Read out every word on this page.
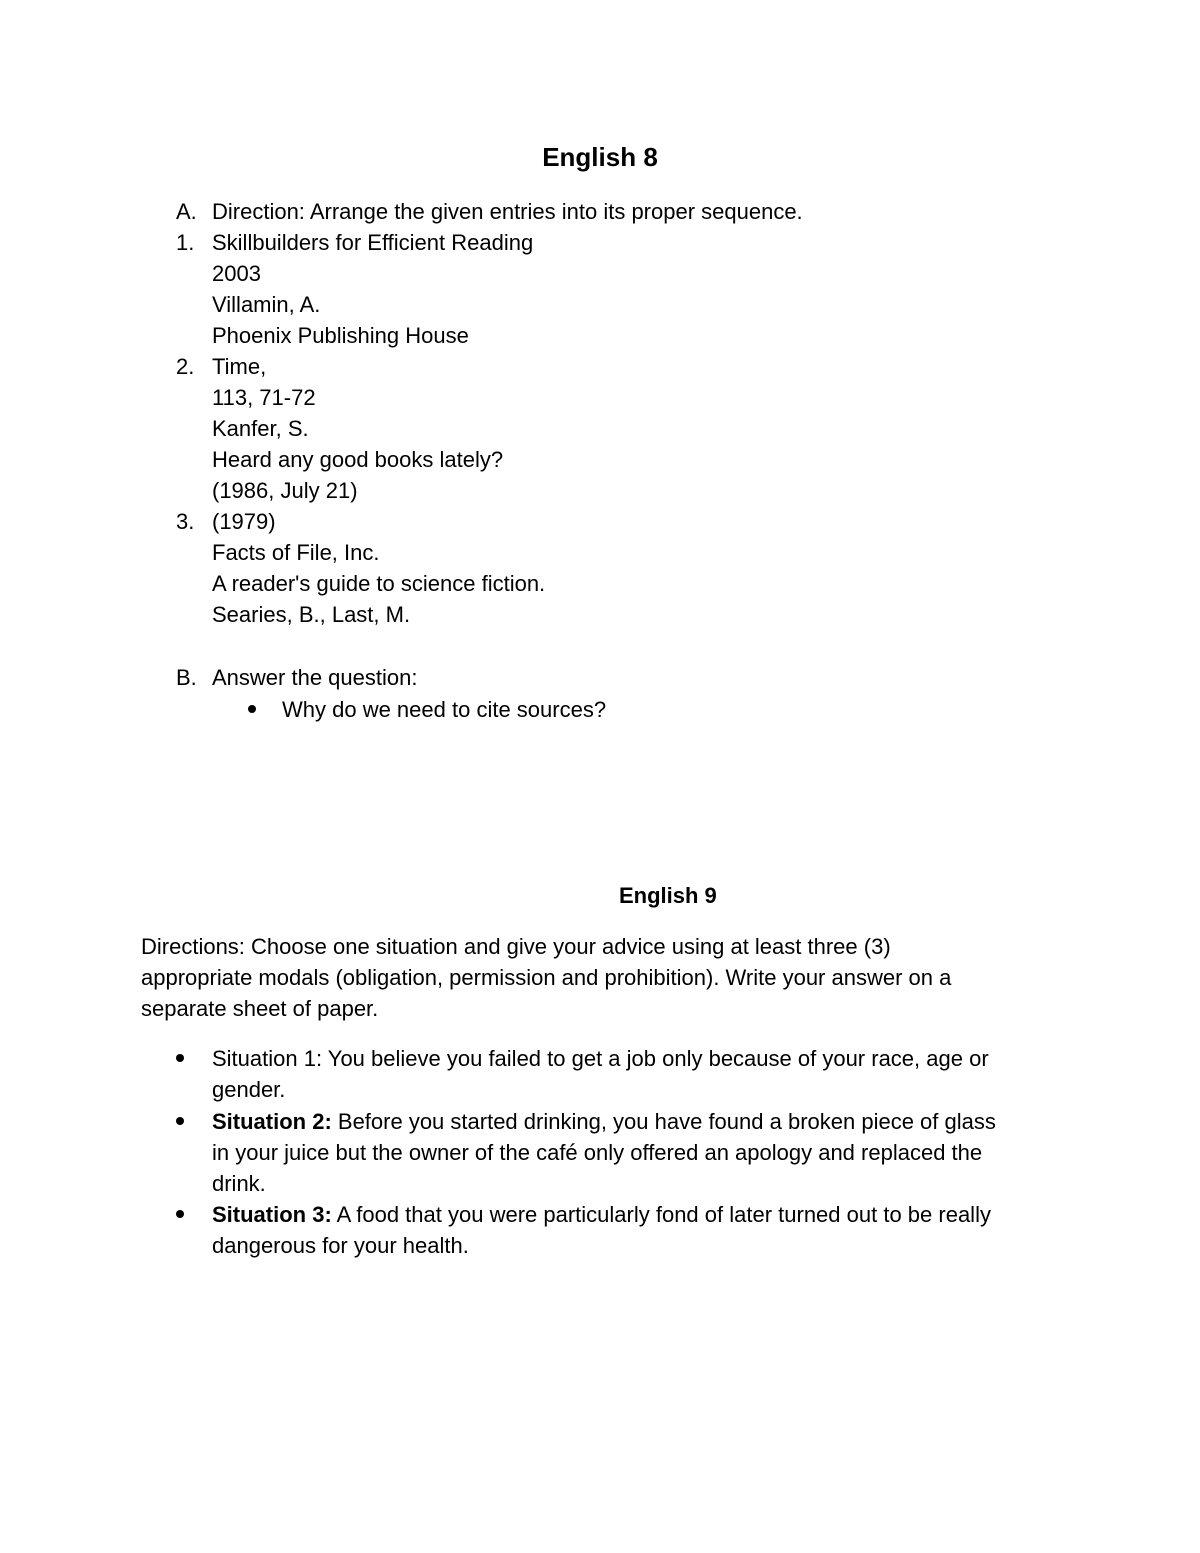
English 8
A. Direction: Arrange the given entries into its proper sequence.
1. Skillbuilders for Efficient Reading
2003
Villamin, A.
Phoenix Publishing House
2. Time,
113, 71-72
Kanfer, S.
Heard any good books lately?
(1986, July 21)
3. (1979)
Facts of File, Inc.
A reader's guide to science fiction.
Searies, B., Last, M.
B. Answer the question:
Why do we need to cite sources?
English 9
Directions: Choose one situation and give your advice using at least three (3)
appropriate modals (obligation, permission and prohibition). Write your answer on a
separate sheet of paper.
Situation 1: You believe you failed to get a job only because of your race, age or
gender.
Situation 2: Before you started drinking, you have found a broken piece of glass
in your juice but the owner of the café only offered an apology and replaced the
drink.
Situation 3: A food that you were particularly fond of later turned out to be really
dangerous for your health.
